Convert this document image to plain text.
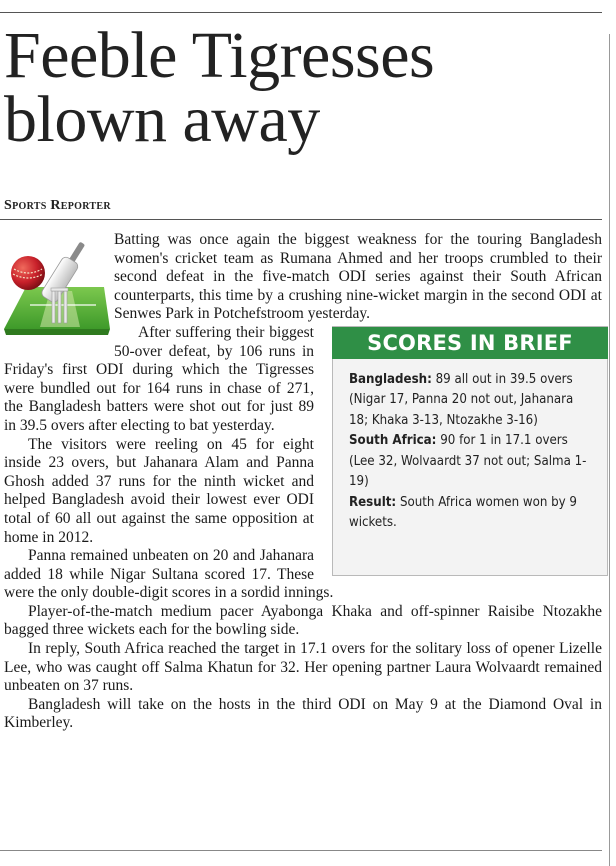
Feeble Tigresses
blown away
Sports Reporter

Batting was once again the biggest weakness for the touring Bangladesh women's cricket team as Rumana Ahmed and her troops crumbled to their second defeat in the five-match ODI series against their South African counterparts, this time by a crushing nine-wicket margin in the second ODI at Senwes Park in Potchefstroom yesterday.

SCORES IN BRIEF

Bangladesh: 89 all out in 39.5 overs (Nigar 17, Panna 20 not out, Jahanara 18; Khaka 3-13, Ntozakhe 3-16)

South Africa: 90 for 1 in 17.1 overs (Lee 32, Wolvaardt 37 not out; Salma 1-19)

Result: South Africa women won by 9 wickets.

After suffering their biggest 50-over defeat, by 106 runs in Friday's first ODI during which the Tigresses were bundled out for 164 runs in chase of 271, the Bangladesh batters were shot out for just 89 in 39.5 overs after electing to bat yesterday.

The visitors were reeling on 45 for eight inside 23 overs, but Jahanara Alam and Panna Ghosh added 37 runs for the ninth wicket and helped Bangladesh avoid their lowest ever ODI total of 60 all out against the same opposition at home in 2012.

Panna remained unbeaten on 20 and Jahanara added 18 while Nigar Sultana scored 17. These were the only double-digit scores in a sordid innings.

Player-of-the-match medium pacer Ayabonga Khaka and off-spinner Raisibe Ntozakhe bagged three wickets each for the bowling side.

In reply, South Africa reached the target in 17.1 overs for the solitary loss of opener Lizelle Lee, who was caught off Salma Khatun for 32. Her opening partner Laura Wolvaardt remained unbeaten on 37 runs.

Bangladesh will take on the hosts in the third ODI on May 9 at the Diamond Oval in Kimberley.
